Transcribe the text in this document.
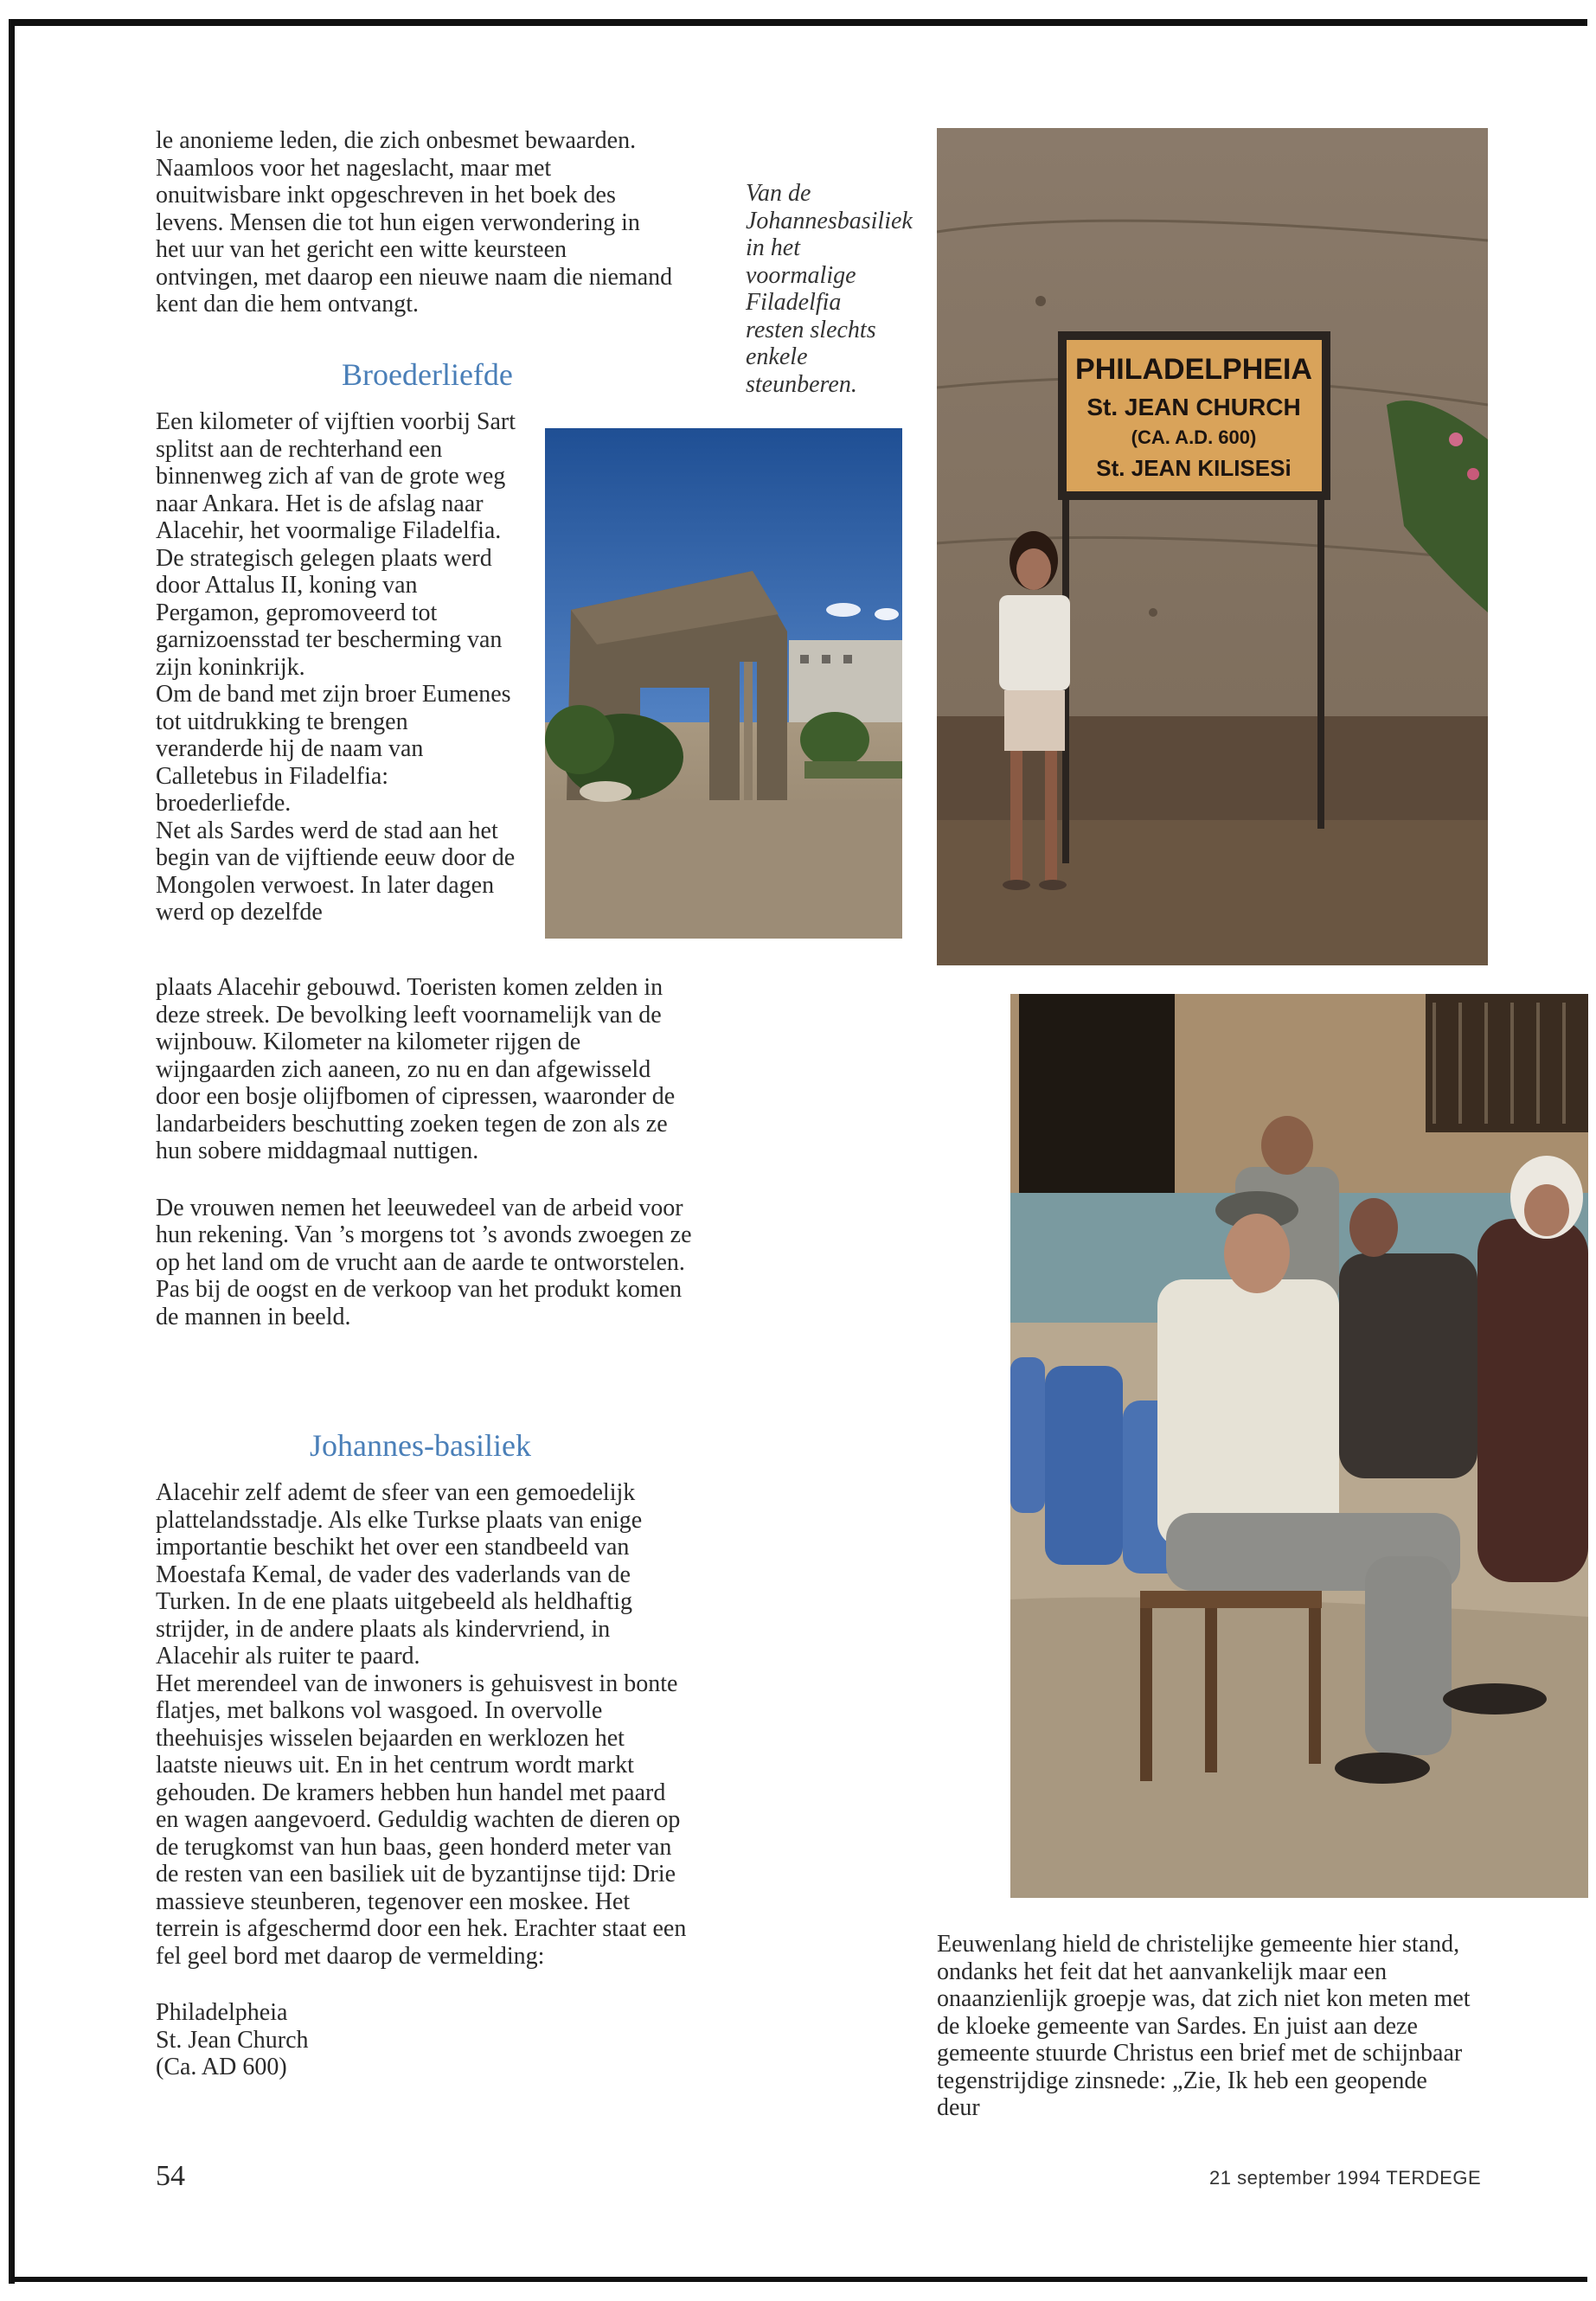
le anonieme leden, die zich onbesmet bewaarden. Naamloos voor het nageslacht, maar met onuitwisbare inkt opgeschreven in het boek des levens. Mensen die tot hun eigen verwondering in het uur van het gericht een witte keursteen ontvingen, met daarop een nieuwe naam die niemand kent dan die hem ontvangt.

Broederliefde

Een kilometer of vijftien voorbij Sart splitst aan de rechterhand een binnenweg zich af van de grote weg naar Ankara. Het is de afslag naar Alacehir, het voormalige Filadelfia. De strategisch gelegen plaats werd door Attalus II, koning van Pergamon, gepromoveerd tot garnizoensstad ter bescherming van zijn koninkrijk.

Om de band met zijn broer Eumenes tot uitdrukking te brengen veranderde hij de naam van Calletebus in Filadelfia: broederliefde.

Net als Sardes werd de stad aan het begin van de vijftiende eeuw door de Mongolen verwoest. In later dagen werd op dezelfde

plaats Alacehir gebouwd. Toeristen komen zelden in deze streek. De bevolking leeft voornamelijk van de wijnbouw. Kilometer na kilometer rijgen de wijngaarden zich aaneen, zo nu en dan afgewisseld door een bosje olijfbomen of cipressen, waaronder de landarbeiders beschutting zoeken tegen de zon als ze hun sobere middagmaal nuttigen.

De vrouwen nemen het leeuwedeel van de arbeid voor hun rekening. Van ’s morgens tot ’s avonds zwoegen ze op het land om de vrucht aan de aarde te ontworstelen. Pas bij de oogst en de verkoop van het produkt komen de mannen in beeld.

Johannes-basiliek

Alacehir zelf ademt de sfeer van een gemoedelijk plattelandsstadje. Als elke Turkse plaats van enige importantie beschikt het over een standbeeld van Moestafa Kemal, de vader des vaderlands van de Turken. In de ene plaats uitgebeeld als heldhaftig strijder, in de andere plaats als kindervriend, in Alacehir als ruiter te paard.

Het merendeel van de inwoners is gehuisvest in bonte flatjes, met balkons vol wasgoed. In overvolle theehuisjes wisselen bejaarden en werklozen het laatste nieuws uit. En in het centrum wordt markt gehouden. De kramers hebben hun handel met paard en wagen aangevoerd. Geduldig wachten de dieren op de terugkomst van hun baas, geen honderd meter van de resten van een basiliek uit de byzantijnse tijd: Drie massieve steunberen, tegenover een moskee. Het terrein is afgeschermd door een hek. Erachter staat een fel geel bord met daarop de vermelding:

Philadelpheia
St. Jean Church
(Ca. AD 600)

Van de Johannesbasiliek in het voormalige Filadelfia resten slechts enkele steunberen.	PHILADELPHEIA
St. JEAN CHURCH
(CA. A.D. 600)
St. JEAN KILISESi

Eeuwenlang hield de christelijke gemeente hier stand, ondanks het feit dat het aanvankelijk maar een onaanzienlijk groepje was, dat zich niet kon meten met de kloeke gemeente van Sardes. En juist aan deze gemeente stuurde Christus een brief met de schijnbaar tegenstrijdige zinsnede: „Zie, Ik heb een geopende deur

54	21 september 1994 TERDEGE
